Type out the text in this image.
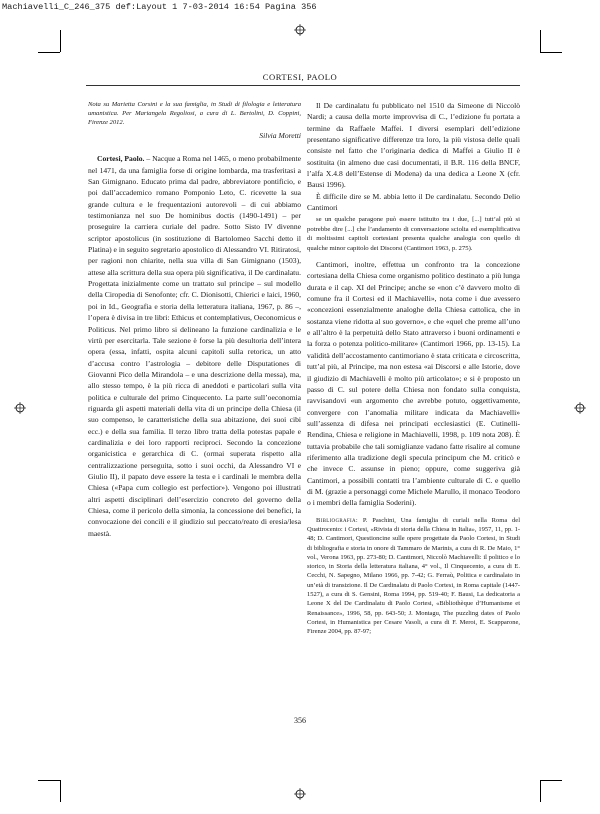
Machiavelli_C_246_375 def:Layout 1 7-03-2014 16:54 Pagina 356
CORTESI, PAOLO

Nota su Marietta Corsini e la sua famiglia, in Studi di filologia e letteratura umanistica. Per Mariangela Regoliosi, a cura di L. Bertolini, D. Coppini, Firenze 2012.

Silvia Moretti

Cortesi, Paolo. – Nacque a Roma nel 1465, o meno probabilmente nel 1471, da una famiglia forse di origine lombarda, ma trasferitasi a San Gimignano. Educato prima dal padre, abbreviatore pontificio, e poi dall’accademico romano Pomponio Leto, C. ricevette la sua grande cultura e le frequentazioni autorevoli – di cui abbiamo testimonianza nel suo De hominibus doctis (1490-1491) – per proseguire la carriera curiale del padre. Sotto Sisto IV divenne scriptor apostolicus (in sostituzione di Bartolomeo Sacchi detto il Platina) e in seguito segretario apostolico di Alessandro VI. Ritiratosi, per ragioni non chiarite, nella sua villa di San Gimignano (1503), attese alla scrittura della sua opera più significativa, il De cardinalatu. Progettata inizialmente come un trattato sul principe – sul modello della Ciropedia di Senofonte; cfr. C. Dionisotti, Chierici e laici, 1960, poi in Id., Geografia e storia della letteratura italiana, 1967, p. 86 –, l’opera è divisa in tre libri: Ethicus et contemplativus, Oeconomicus e Politicus. Nel primo libro si delineano la funzione cardinalizia e le virtù per esercitarla. Tale sezione è forse la più desultoria dell’intera opera (essa, infatti, ospita alcuni capitoli sulla retorica, un atto d’accusa contro l’astrologia – debitore delle Disputationes di Giovanni Pico della Mirandola – e una descrizione della messa), ma, allo stesso tempo, è la più ricca di aneddoti e particolari sulla vita politica e culturale del primo Cinquecento. La parte sull’oeconomia riguarda gli aspetti materiali della vita di un principe della Chiesa (il suo compenso, le caratteristiche della sua abitazione, dei suoi cibi ecc.) e della sua familia. Il terzo libro tratta della potestas papale e cardinalizia e dei loro rapporti reciproci. Secondo la concezione organicistica e gerarchica di C. (ormai superata rispetto alla centralizzazione perseguita, sotto i suoi occhi, da Alessandro VI e Giulio II), il papato deve essere la testa e i cardinali le membra della Chiesa («Papa cum collegio est perfectior»). Vengono poi illustrati altri aspetti disciplinari dell’esercizio concreto del governo della Chiesa, come il pericolo della simonia, la concessione dei benefici, la convocazione dei concili e il giudizio sul peccato/reato di eresia/lesa maestà.

Il De cardinalatu fu pubblicato nel 1510 da Simeone di Niccolò Nardi; a causa della morte improvvisa di C., l’edizione fu portata a termine da Raffaele Maffei. I diversi esemplari dell’edizione presentano significative differenze tra loro, la più vistosa delle quali consiste nel fatto che l’originaria dedica di Maffei a Giulio II è sostituita (in almeno due casi documentati, il B.R. 116 della BNCF, l’alfa X.4.8 dell’Estense di Modena) da una dedica a Leone X (cfr. Bausi 1996).

È difficile dire se M. abbia letto il De cardinalatu. Secondo Delio Cantimori

se un qualche paragone può essere istituito tra i due, [...] tutt’al più si potrebbe dire [...] che l’andamento di conversazione sciolta ed esemplificativa di moltissimi capitoli cortesiani presenta qualche analogia con quello di qualche minor capitolo dei Discorsi (Cantimori 1963, p. 275).

Cantimori, inoltre, effettua un confronto tra la concezione cortesiana della Chiesa come organismo politico destinato a più lunga durata e il cap. XI del Principe; anche se «non c’è davvero molto di comune fra il Cortesi ed il Machiavelli», nota come i due avessero «concezioni essenzialmente analoghe della Chiesa cattolica, che in sostanza viene ridotta al suo governo», e che «quel che preme all’uno e all’altro è la perpetuità dello Stato attraverso i buoni ordinamenti e la forza o potenza politico-militare» (Cantimori 1966, pp. 13-15). La validità dell’accostamento cantimoriano è stata criticata e circoscritta, tutt’al più, al Principe, ma non estesa «ai Discorsi e alle Istorie, dove il giudizio di Machiavelli è molto più articolato»; e si è proposto un passo di C. sul potere della Chiesa non fondato sulla conquista, ravvisandovi «un argomento che avrebbe potuto, oggettivamente, convergere con l’anomalia militare indicata da Machiavelli» sull’assenza di difesa nei principati ecclesiastici (E. Cutinelli-Rendina, Chiesa e religione in Machiavelli, 1998, p. 109 nota 208). È tuttavia probabile che tali somiglianze vadano fatte risalire al comune riferimento alla tradizione degli specula principum che M. criticò e che invece C. assunse in pieno; oppure, come suggeriva già Cantimori, a possibili contatti tra l’ambiente culturale di C. e quello di M. (grazie a personaggi come Michele Marullo, il monaco Teodoro o i membri della famiglia Soderini).

Bibliografia: P. Paschini, Una famiglia di curiali nella Roma del Quattrocento: i Cortesi, «Rivista di storia della Chiesa in Italia», 1957, 11, pp. 1-48; D. Cantimori, Questioncine sulle opere progettate da Paolo Cortesi, in Studi di bibliografia e storia in onore di Tammaro de Marinis, a cura di R. De Maio, 1° vol., Verona 1963, pp. 273-80; D. Cantimori, Niccolò Machiavelli: il politico e lo storico, in Storia della letteratura italiana, 4° vol., Il Cinquecento, a cura di E. Cecchi, N. Sapegno, Milano 1966, pp. 7-42; G. Ferraù, Politica e cardinalato in un’età di transizione. Il De Cardinalatu di Paolo Cortesi, in Roma capitale (1447-1527), a cura di S. Gensini, Roma 1994, pp. 519-40; F. Bausi, La dedicatoria a Leone X del De Cardinalatu di Paolo Cortesi, «Bibliothèque d’Humanisme et Renaissance», 1996, 58, pp. 643-50; J. Montagu, The puzzling dates of Paolo Cortesi, in Humanistica per Cesare Vasoli, a cura di F. Meroi, E. Scapparone, Firenze 2004, pp. 87-97;

356
